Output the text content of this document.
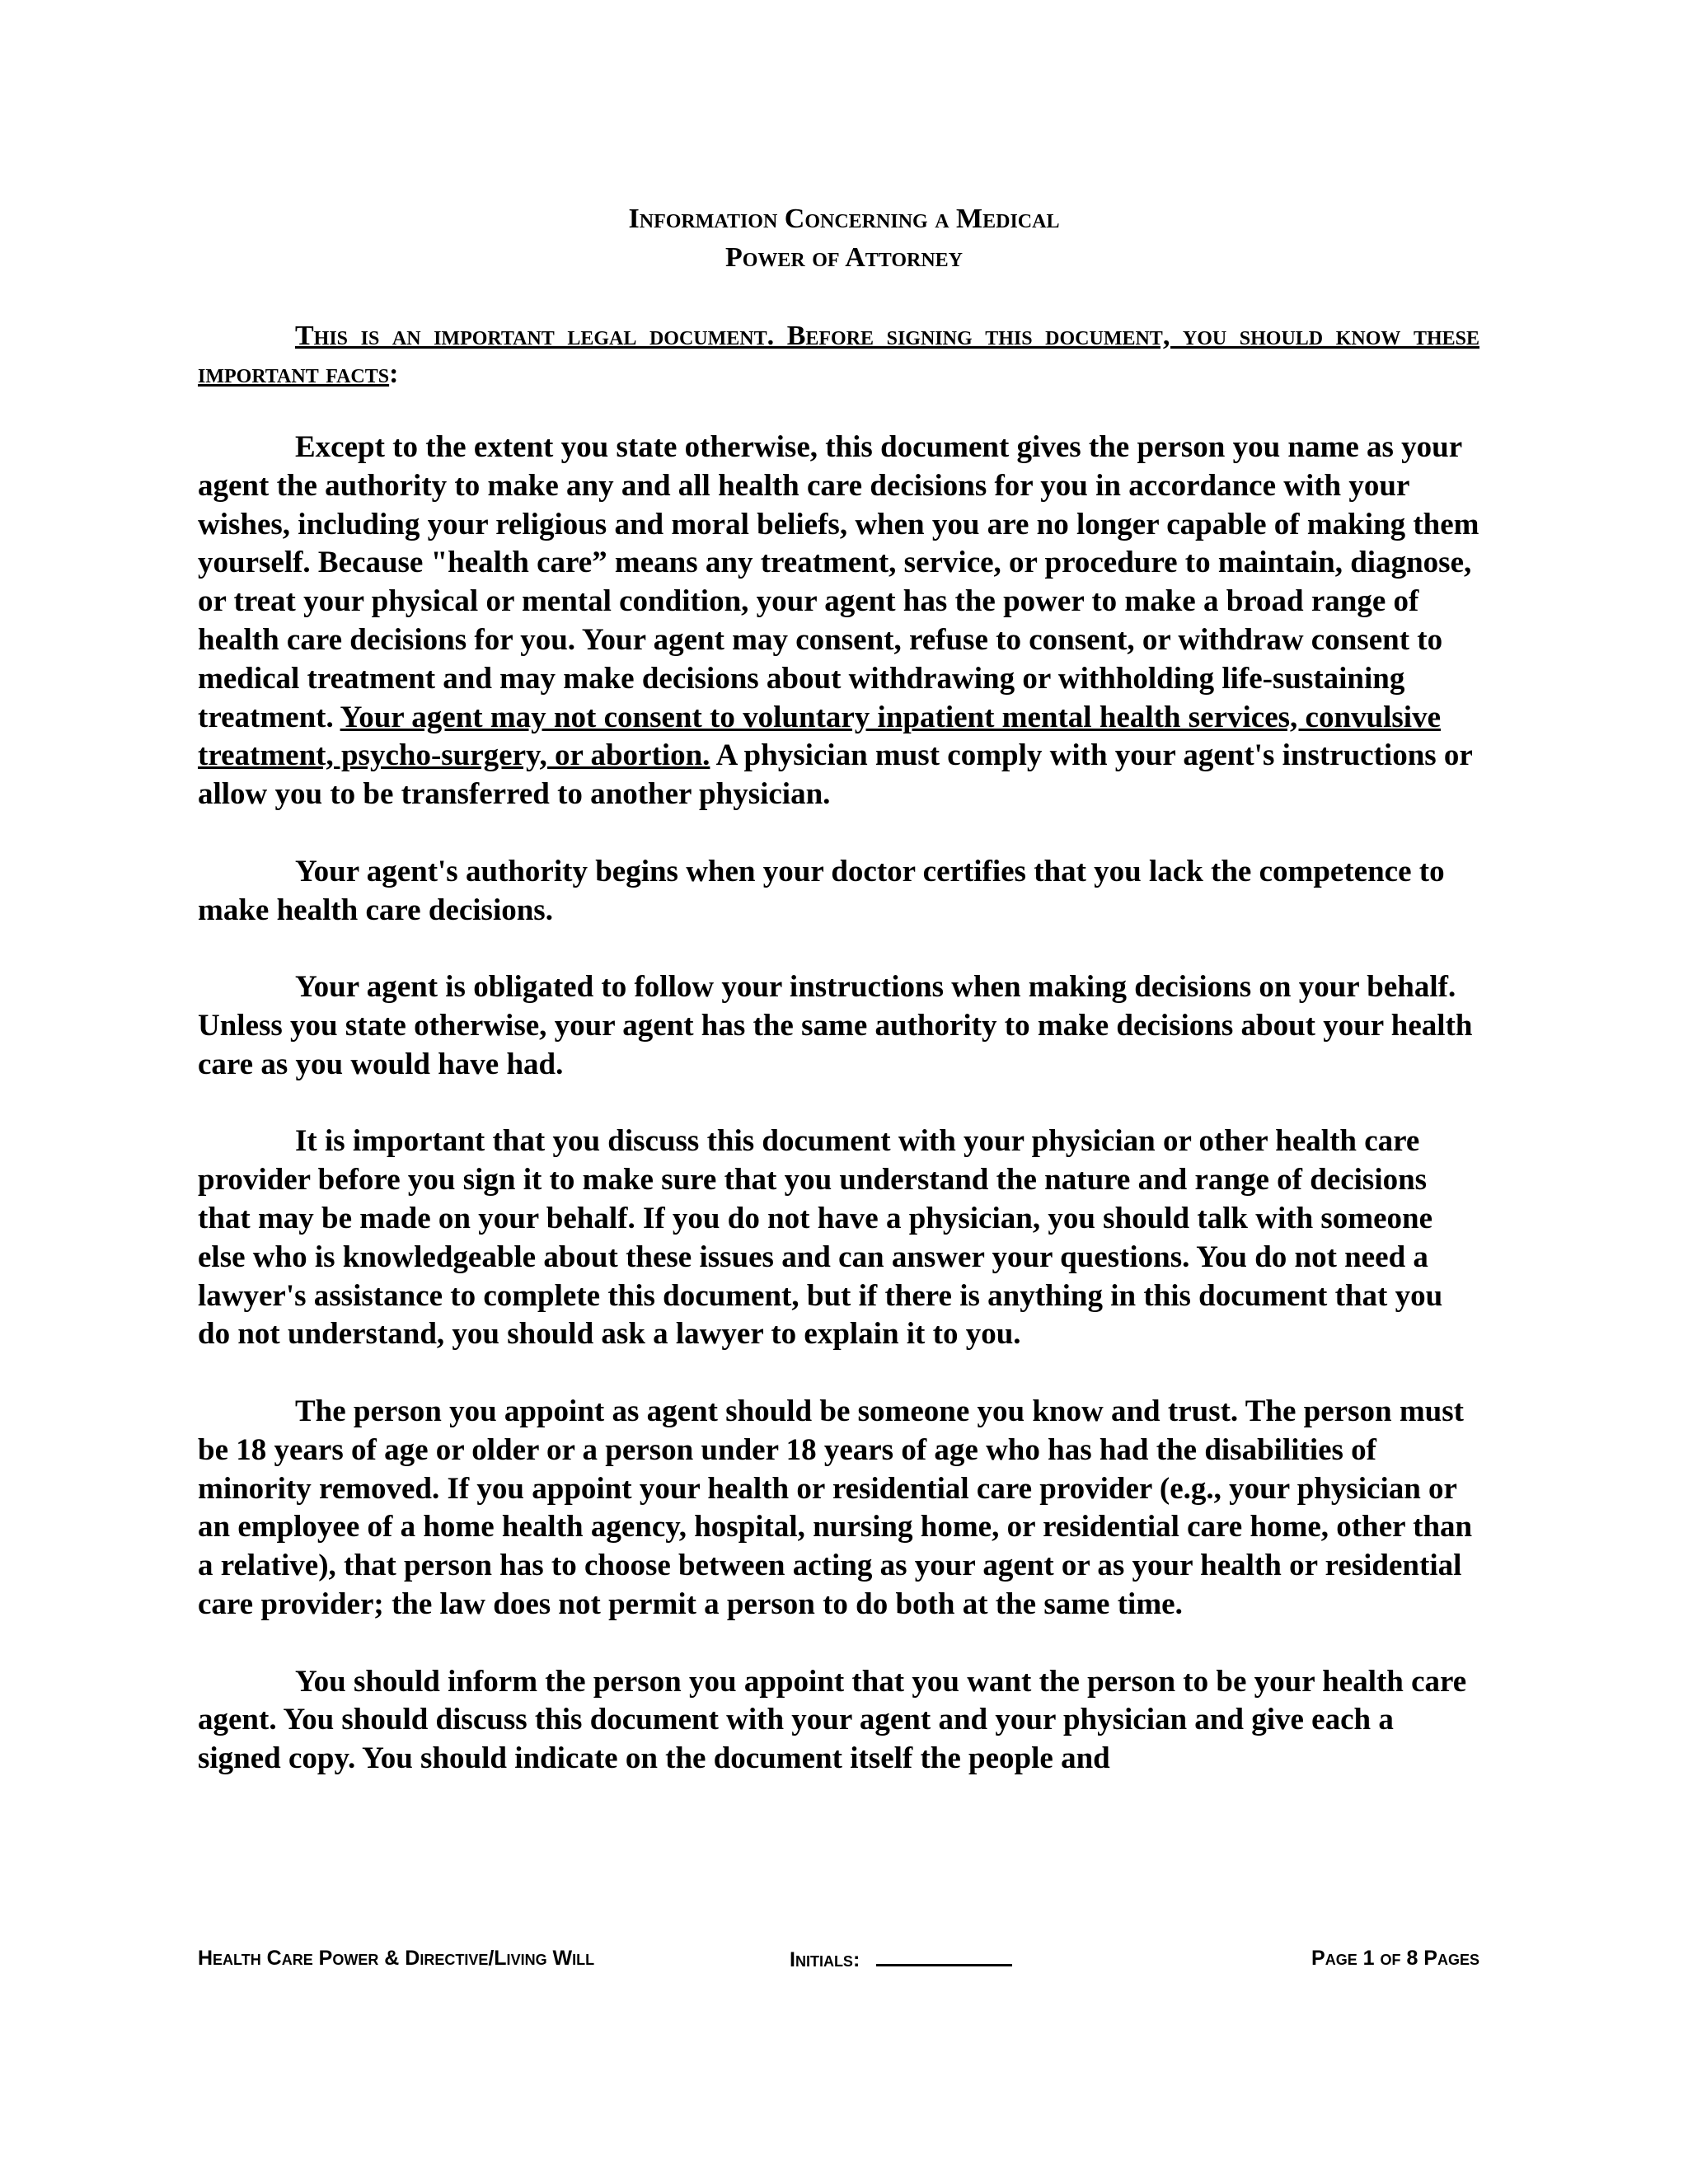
Information Concerning a Medical
Power of Attorney
This is an important legal document. Before signing this document, you should know these important facts:

Except to the extent you state otherwise, this document gives the person you name as your agent the authority to make any and all health care decisions for you in accordance with your wishes, including your religious and moral beliefs, when you are no longer capable of making them yourself. Because "health care” means any treatment, service, or procedure to maintain, diagnose, or treat your physical or mental condition, your agent has the power to make a broad range of health care decisions for you. Your agent may consent, refuse to consent, or withdraw consent to medical treatment and may make decisions about withdrawing or withholding life-sustaining treatment. Your agent may not consent to voluntary inpatient mental health services, convulsive treatment, psycho-surgery, or abortion. A physician must comply with your agent's instructions or allow you to be transferred to another physician.

Your agent's authority begins when your doctor certifies that you lack the competence to make health care decisions.

Your agent is obligated to follow your instructions when making decisions on your behalf. Unless you state otherwise, your agent has the same authority to make decisions about your health care as you would have had.

It is important that you discuss this document with your physician or other health care provider before you sign it to make sure that you understand the nature and range of decisions that may be made on your behalf. If you do not have a physician, you should talk with someone else who is knowledgeable about these issues and can answer your questions. You do not need a lawyer's assistance to complete this document, but if there is anything in this document that you do not understand, you should ask a lawyer to explain it to you.

The person you appoint as agent should be someone you know and trust. The person must be 18 years of age or older or a person under 18 years of age who has had the disabilities of minority removed. If you appoint your health or residential care provider (e.g., your physician or an employee of a home health agency, hospital, nursing home, or residential care home, other than a relative), that person has to choose between acting as your agent or as your health or residential care provider; the law does not permit a person to do both at the same time.

You should inform the person you appoint that you want the person to be your health care agent. You should discuss this document with your agent and your physician and give each a signed copy. You should indicate on the document itself the people and

Health Care Power & Directive/Living Will	Initials:	Page 1 of 8 Pages
